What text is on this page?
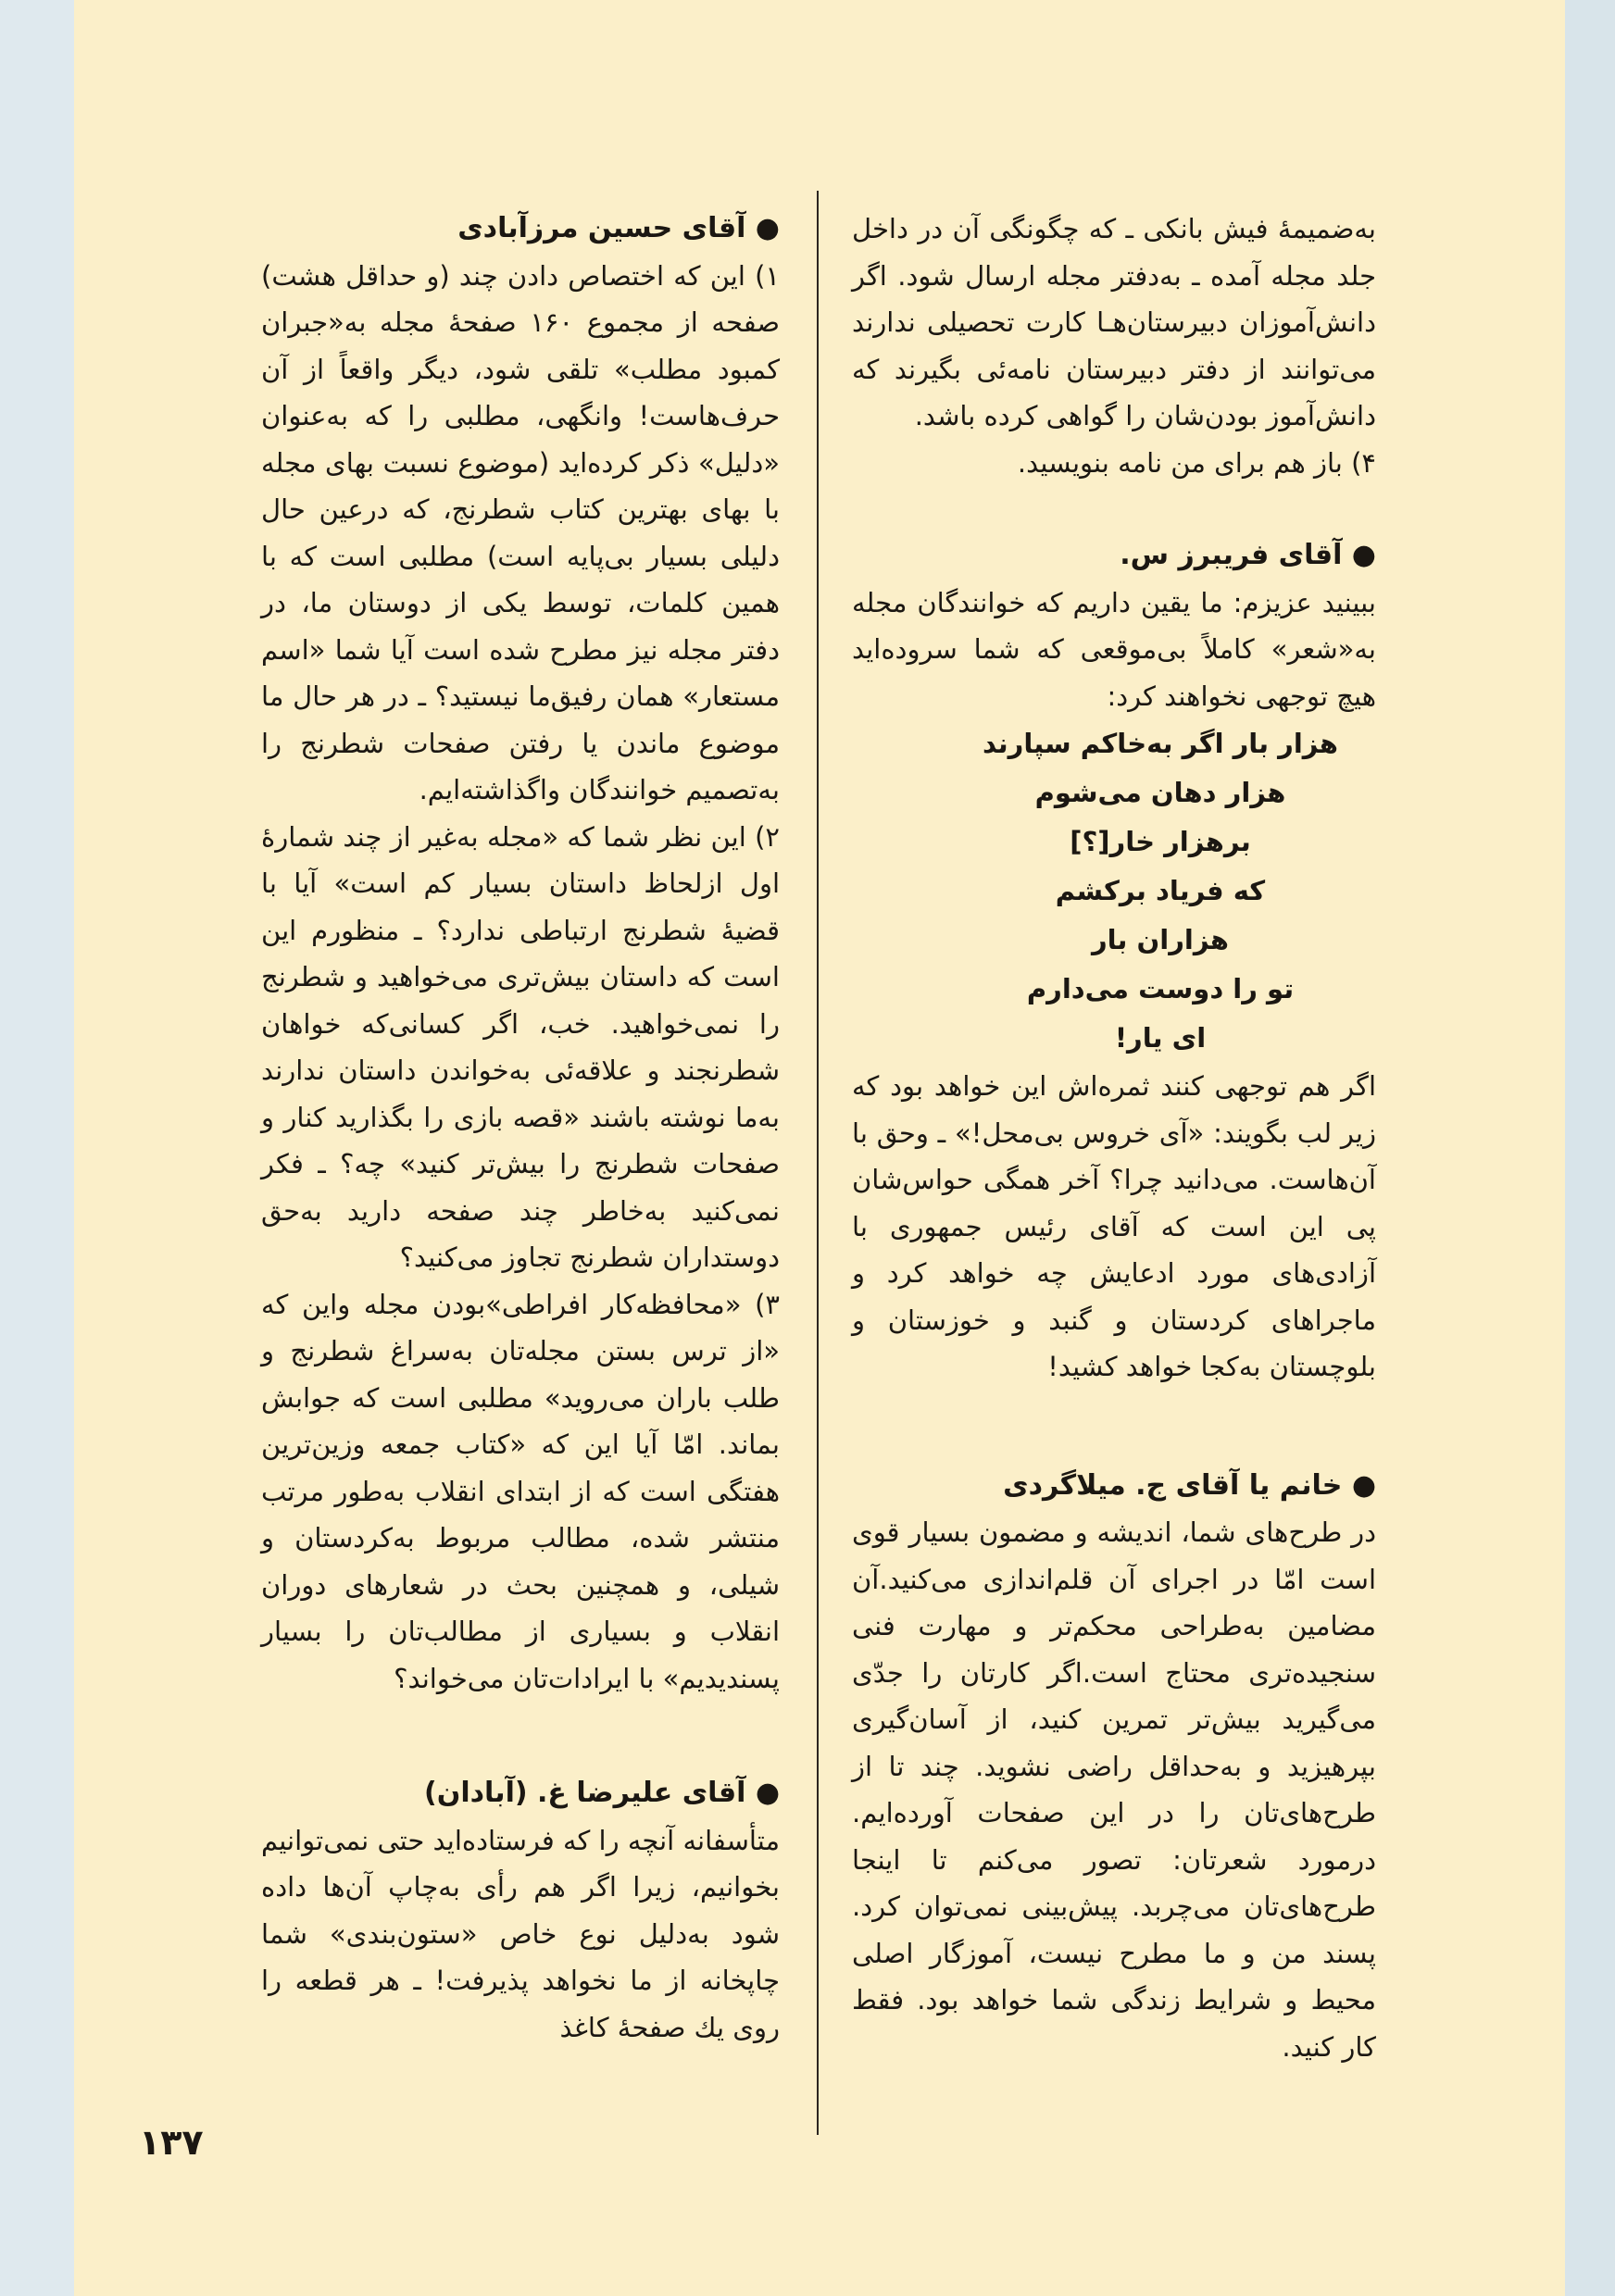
به‌ضمیمهٔ فیش بانکی ـ که چگونگی آن در داخل جلد مجله آمده ـ به‌دفتر مجله ارسال شود. اگر دانش‌آموزان دبیرستان‌هـا کارت تحصیلی ندارند می‌توانند از دفتر دبیرستان نامه‌ئی بگیرند که دانش‌آموز بودن‌شان را گواهی کرده باشد.

۴) باز هم برای من نامه بنویسید.

● آقای فریبرز س.

ببینید عزیزم: ما یقین داریم که خوانندگان مجله به«شعر» کاملاً بی‌موقعی که شما سروده‌اید هیچ توجهی نخواهند کرد:

هزار بار اگر به‌خاکم سپارند

هزار دهان می‌شوم

برهزار خار[؟]

که فریاد برکشم

هزاران بار

تو را دوست می‌دارم

ای یار!

اگر هم توجهی کنند ثمره‌اش این خواهد بود که زیر لب بگویند: «آی خروس بی‌محل!» ـ وحق با آن‌هاست. می‌دانید چرا؟ آخر همگی حواس‌شان پی این است که آقای رئیس جمهوری با آزادی‌های مورد ادعایش چه خواهد کرد و ماجراهای کردستان و گنبد و خوزستان و بلوچستان به‌کجا خواهد کشید!

● خانم یا آقای ج. میلاگردی

در طرح‌های شما، اندیشه و مضمون بسیار قوی است امّا در اجرای آن قلم‌اندازی می‌کنید.آن مضامین به‌طراحی محکم‌تر و مهارت فنی سنجیده‌تری محتاج است.اگر کارتان را جدّی می‌گیرید بیش‌تر تمرین کنید، از آسان‌گیری بپرهیزید و به‌حداقل راضی نشوید. چند تا از طرح‌های‌تان را در این صفحات آورده‌ایم. درمورد شعرتان: تصور می‌کنم تا اینجا طرح‌های‌تان می‌چربد. پیش‌بینی نمی‌توان کرد. پسند من و ما مطرح نیست، آموزگار اصلی محیط و شرایط زندگی شما خواهد بود. فقط کار کنید.

● آقای حسین مرزآبادی

۱) این که اختصاص دادن چند (و حداقل هشت) صفحه از مجموع ۱۶۰ صفحهٔ مجله به«جبران کمبود مطلب» تلقی شود، دیگر واقعاً از آن حرف‌هاست! وانگهی، مطلبی را که به‌عنوان «دلیل» ذکر کرده‌اید (موضوع نسبت بهای مجله با بهای بهترین کتاب شطرنج، که درعین حال دلیلی بسیار بی‌پایه است) مطلبی است که با همین کلمات، توسط یکی از دوستان ما، در دفتر مجله نیز مطرح شده است آیا شما «اسم مستعار» همان رفیق‌ما نیستید؟ ـ در هر حال ما موضوع ماندن یا رفتن صفحات شطرنج را به‌تصمیم خوانندگان واگذاشته‌ایم.

۲) این نظر شما که «مجله به‌غیر از چند شمارهٔ اول ازلحاظ داستان بسیار کم است» آیا با قضیهٔ شطرنج ارتباطی ندارد؟ ـ منظورم این است که داستان بیش‌تری می‌خواهید و شطرنج را نمی‌خواهید. خب، اگر کسانی‌که خواهان شطرنجند و علاقه‌ئی به‌خواندن داستان ندارند به‌ما نوشته باشند «قصه بازی را بگذارید کنار و صفحات شطرنج را بیش‌تر کنید» چه؟ ـ فکر نمی‌کنید به‌خاطر چند صفحه دارید به‌حق دوستداران شطرنج تجاوز می‌کنید؟

۳) «محافظه‌کار افراطی»بودن مجله واین که «از ترس بستن مجله‌تان به‌سراغ شطرنج و طلب باران می‌روید» مطلبی است که جوابش بماند. امّا آیا این که «کتاب جمعه وزین‌ترین هفتگی است که از ابتدای انقلاب به‌طور مرتب منتشر شده، مطالب مربوط به‌کردستان و شیلی، و همچنین بحث در شعارهای دوران انقلاب و بسیاری از مطالب‌تان را بسیار پسندیدیم» با ایرادات‌تان می‌خواند؟

● آقای علیرضا غ. (آبادان)

متأسفانه آنچه را که فرستاده‌اید حتی نمی‌توانیم بخوانیم، زیرا اگر هم رأی به‌چاپ آن‌ها داده شود به‌دلیل نوع خاص «ستون‌بندی» شما چاپخانه از ما نخواهد پذیرفت! ـ هر قطعه را روی یك صفحهٔ کاغذ

۱۳۷
